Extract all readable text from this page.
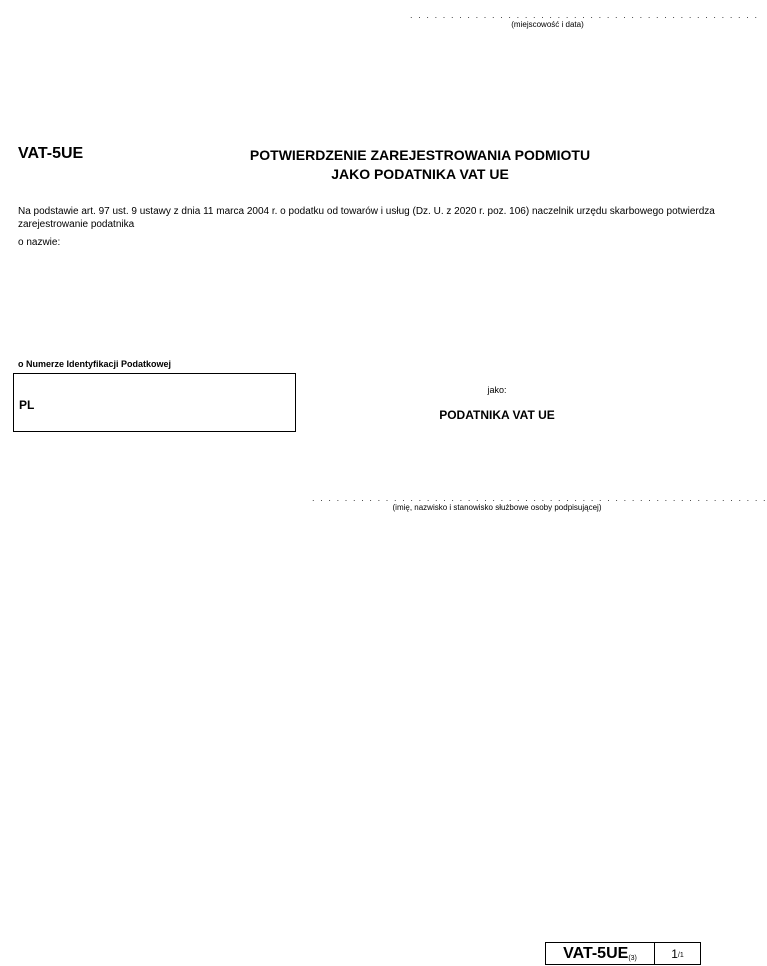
. . . . . . . . . . . . . . . . . . . . . . . . . . . . . . . . . . . . . . . . . . .
(miejscowość i data)
VAT-5UE	POTWIERDZENIE ZAREJESTROWANIA PODMIOTU
JAKO PODATNIKA VAT UE
Na podstawie art. 97 ust. 9 ustawy z dnia 11 marca 2004 r. o podatku od towarów i usług (Dz. U. z 2020 r. poz. 106) naczelnik urzędu skarbowego potwierdza zarejestrowanie podatnika
o nazwie:
o Numerze Identyfikacji Podatkowej
PL
jako:
PODATNIKA VAT UE
. . . . . . . . . . . . . . . . . . . . . . . . . . . . . . . . . . . . . . . . . . . . . . . . . . . . . . . .
(imię, nazwisko i stanowisko służbowe osoby podpisującej)
VAT-5UE (3)	1 /1
